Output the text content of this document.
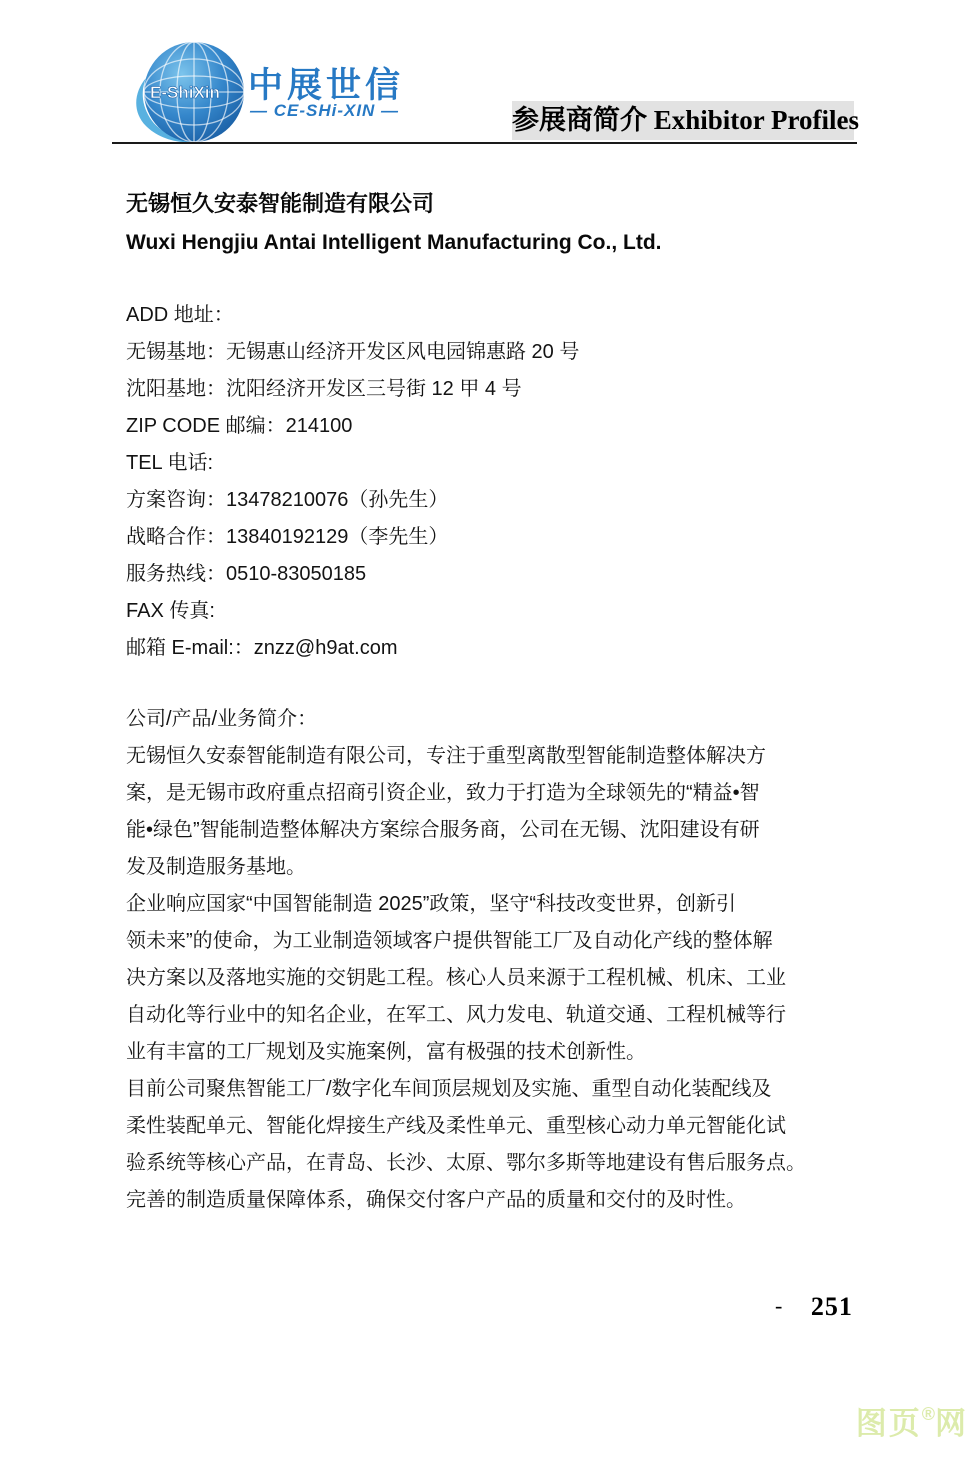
E-ShiXin 中展世信
— CE-SHi-XIN —	参展商简介 Exhibitor Profiles
无锡恒久安泰智能制造有限公司
Wuxi Hengjiu Antai Intelligent Manufacturing Co., Ltd.
ADD 地址：
无锡基地：无锡惠山经济开发区风电园锦惠路 20 号
沈阳基地：沈阳经济开发区三号街 12 甲 4 号
ZIP CODE 邮编：214100
TEL 电话:
方案咨询：13478210076（孙先生）
战略合作：13840192129（李先生）
服务热线：0510-83050185
FAX 传真:
邮箱 E-mail:：znzz@h9at.com
公司/产品/业务简介：
无锡恒久安泰智能制造有限公司，专注于重型离散型智能制造整体解决方
案，是无锡市政府重点招商引资企业，致力于打造为全球领先的“精益•智
能•绿色”智能制造整体解决方案综合服务商，公司在无锡、沈阳建设有研
发及制造服务基地。
企业响应国家“中国智能制造 2025”政策，坚守“科技改变世界，创新引
领未来”的使命，为工业制造领域客户提供智能工厂及自动化产线的整体解
决方案以及落地实施的交钥匙工程。核心人员来源于工程机械、机床、工业
自动化等行业中的知名企业，在军工、风力发电、轨道交通、工程机械等行
业有丰富的工厂规划及实施案例，富有极强的技术创新性。
目前公司聚焦智能工厂/数字化车间顶层规划及实施、重型自动化装配线及
柔性装配单元、智能化焊接生产线及柔性单元、重型核心动力单元智能化试
验系统等核心产品，在青岛、长沙、太原、鄂尔多斯等地建设有售后服务点。
完善的制造质量保障体系，确保交付客户产品的质量和交付的及时性。
- 251
图页®网
